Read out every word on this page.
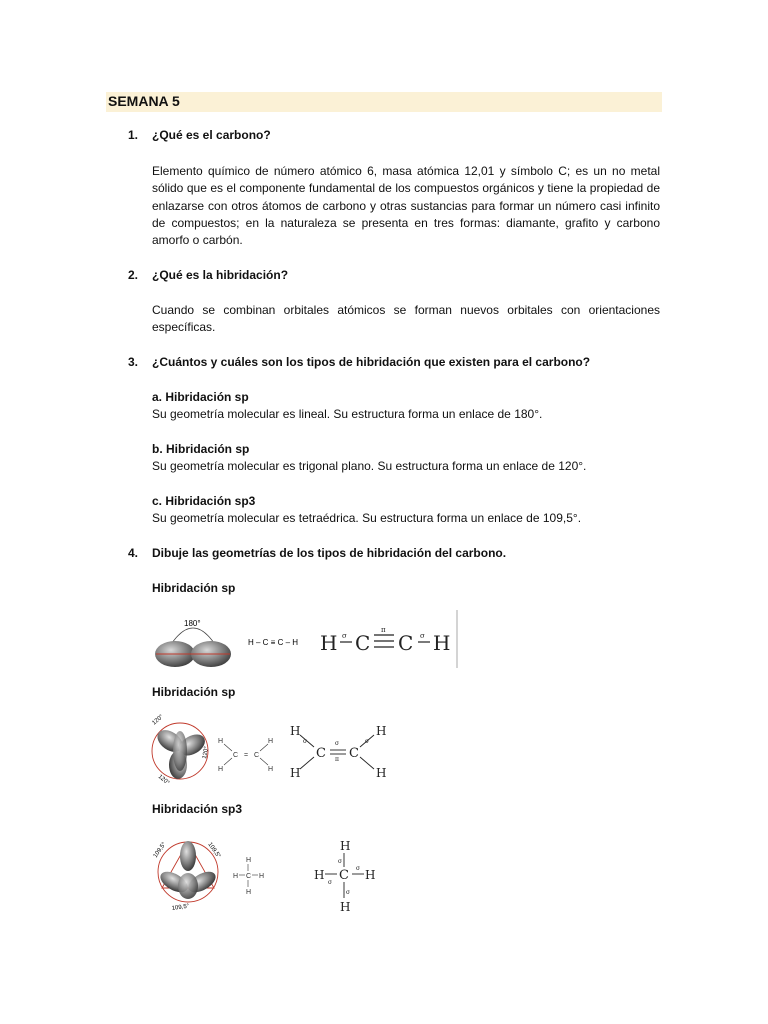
SEMANA 5
1.	¿Qué es el carbono?
Elemento químico de número atómico 6, masa atómica 12,01 y símbolo C; es un no metal sólido que es el componente fundamental de los compuestos orgánicos y tiene la propiedad de enlazarse con otros átomos de carbono y otras sustancias para formar un número casi infinito de compuestos; en la naturaleza se presenta en tres formas: diamante, grafito y carbono amorfo o carbón.
2.	¿Qué es la hibridación?
Cuando se combinan orbitales atómicos se forman nuevos orbitales con orientaciones específicas.
3.	¿Cuántos y cuáles son los tipos de hibridación que existen para el carbono?
a. Hibridación sp
Su geometría molecular es lineal. Su estructura forma un enlace de 180°.
b. Hibridación sp
Su geometría molecular es trigonal plano. Su estructura forma un enlace de 120°.
c. Hibridación sp3
Su geometría molecular es tetraédrica. Su estructura forma un enlace de 109,5°.
4.	Dibuje las geometrías de los tipos de hibridación del carbono.
Hibridación sp
180°
H – C ≡ C – H H C C H
σ
π
σ
Hibridación sp
120°
120°
120°
H
H
C = C
H
H
H
H
C C
H
H
σ
π
σ	σ
Hibridación sp3
109,5°	109,5°
109,5°
H
H C H
H
H
H C H
H
σ
σ
σ
σ
